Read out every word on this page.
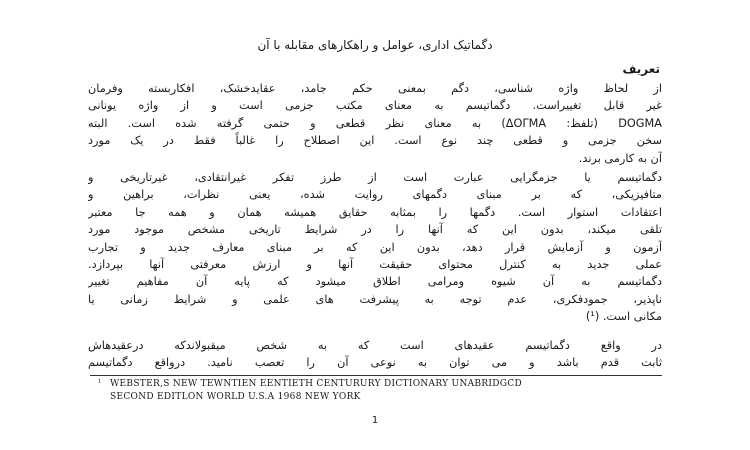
دگماتیک اداری، عوامل و راهکارهای مقابله با آن
تعریف
از لحاظ واژه شناسی، دگم بمعنی حکم جامد، عقایدخشک، افکاربسته وفرمان
غیر قابل تغییراست. دگماتیسم به معنای مکتب جزمی است و از واژه یونانی
DOGMA (تلفظ: ΔΟΓΜΑ) به معنای نظر قطعی و حتمی گرفته شده است. البته
سخن جزمی و قطعی چند نوع است. این اصطلاح را غالباً فقط در یک مورد
آن به کارمی برند.
دگماتیسم یا جزمگرایی عبارت است از طرز تفکر غیرانتقادی، غیرتاریخی و
متافیزیکی، که بر مبنای دگمهای روایت شده، یعنی نظرات، براهین و
اعتقادات استوار است. دگمها را بمثابه حقایق همیشه همان و همه جا معتبر
تلقی میکند، بدون این که آنها را در شرایط تاریخی مشخص موجود مورد
آزمون و آزمایش قرار دهد، بدون این که بر مبنای معارف جدید و تجارب
عملی جدید به کنترل محتوای حقیقت آنها و ارزش معرفتی آنها بپردازد.
دگماتیسم به آن شیوه ومرامی اطلاق میشود که پایه آن مفاهیم تغییر
ناپذیر، جمودفکری، عدم توجه به پیشرفت های علمی و شرایط زمانی یا
مکانی است. (¹)
در واقع دگماتیسم عقیدهای است که به شخص میقبولاندکه درعقیدهاش
ثابت قدم باشد و می توان به نوعی آن را تعصب نامید. درواقع دگماتیسم
¹ WEBSTER,S NEW TEWNTIEN EENTIETH CENTURURY DICTIONARY UNABRIDGCD
SECOND EDITLON WORLD U.S.A 1968 NEW YORK
1
